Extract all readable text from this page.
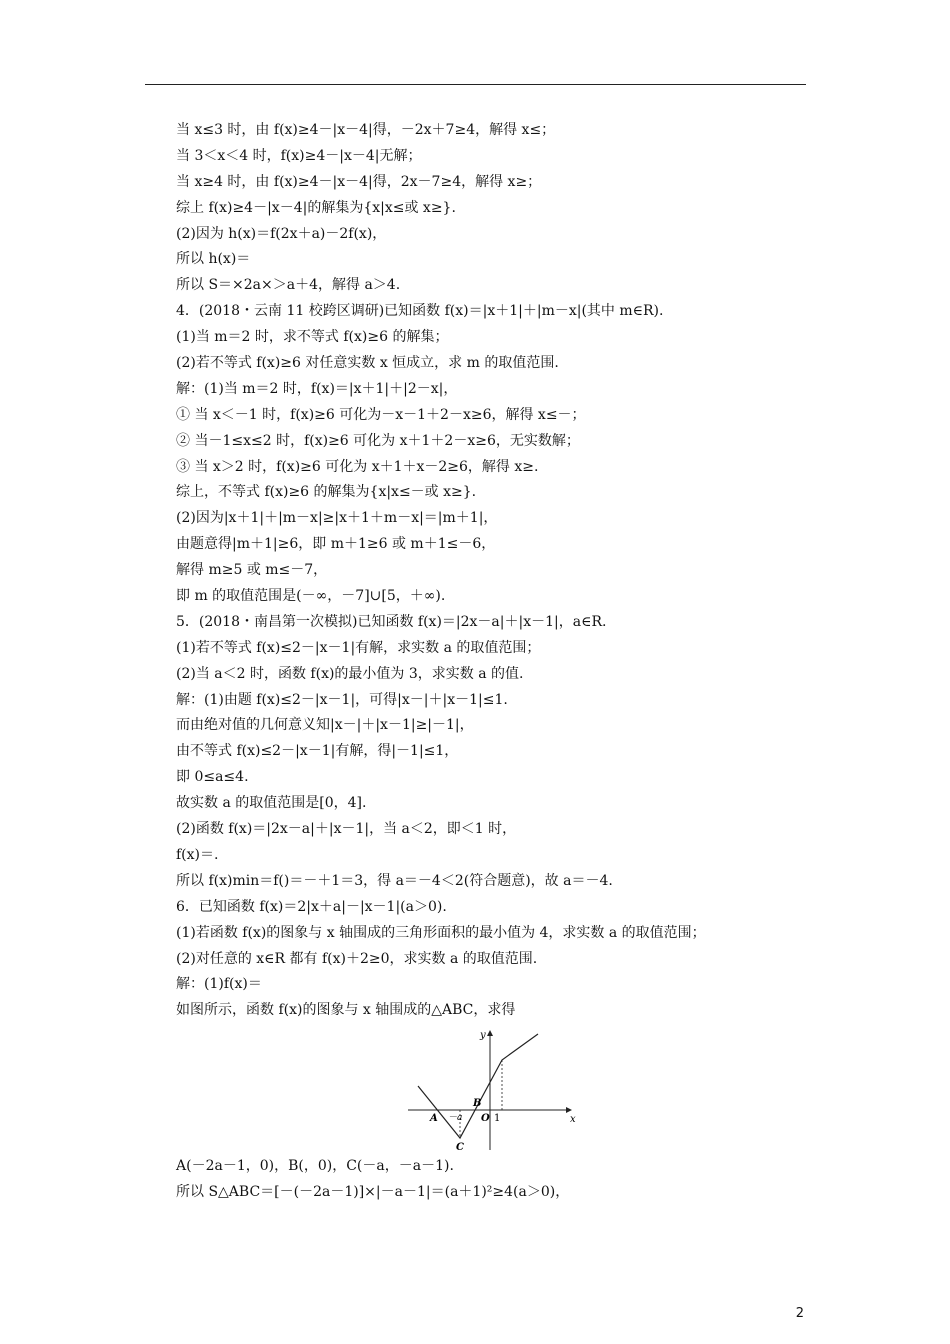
当 x≤3 时，由 f(x)≥4－|x－4|得，－2x＋7≥4，解得 x≤；
当 3＜x＜4 时，f(x)≥4－|x－4|无解；
当 x≥4 时，由 f(x)≥4－|x－4|得，2x－7≥4，解得 x≥；
综上 f(x)≥4－|x－4|的解集为{x|x≤或 x≥}.
(2)因为 h(x)＝f(2x＋a)－2f(x)，
所以 h(x)＝
所以 S＝×2a×＞a＋4，解得 a＞4.
4．(2018・云南 11 校跨区调研)已知函数 f(x)＝|x＋1|＋|m－x|(其中 m∈R).
(1)当 m＝2 时，求不等式 f(x)≥6 的解集；
(2)若不等式 f(x)≥6 对任意实数 x 恒成立，求 m 的取值范围.
解：(1)当 m＝2 时，f(x)＝|x＋1|＋|2－x|，
① 当 x＜－1 时，f(x)≥6 可化为－x－1＋2－x≥6，解得 x≤－；
② 当－1≤x≤2 时，f(x)≥6 可化为 x＋1＋2－x≥6，无实数解；
③ 当 x＞2 时，f(x)≥6 可化为 x＋1＋x－2≥6，解得 x≥.
综上，不等式 f(x)≥6 的解集为{x|x≤－或 x≥}.
(2)因为|x＋1|＋|m－x|≥|x＋1＋m－x|＝|m＋1|，
由题意得|m＋1|≥6，即 m＋1≥6 或 m＋1≤－6，
解得 m≥5 或 m≤－7，
即 m 的取值范围是(－∞，－7]∪[5，＋∞).
5．(2018・南昌第一次模拟)已知函数 f(x)＝|2x－a|＋|x－1|，a∈R.
(1)若不等式 f(x)≤2－|x－1|有解，求实数 a 的取值范围；
(2)当 a＜2 时，函数 f(x)的最小值为 3，求实数 a 的值.
解：(1)由题 f(x)≤2－|x－1|，可得|x－|＋|x－1|≤1.
而由绝对值的几何意义知|x－|＋|x－1|≥|－1|，
由不等式 f(x)≤2－|x－1|有解，得|－1|≤1，
即 0≤a≤4.
故实数 a 的取值范围是[0，4].
(2)函数 f(x)＝|2x－a|＋|x－1|，当 a＜2，即＜1 时，
f(x)＝.
所以 f(x)min＝f()＝－＋1＝3，得 a＝－4＜2(符合题意)，故 a＝－4.
6．已知函数 f(x)＝2|x＋a|－|x－1|(a＞0).
(1)若函数 f(x)的图象与 x 轴围成的三角形面积的最小值为 4，求实数 a 的取值范围；
(2)对任意的 x∈R 都有 f(x)＋2≥0，求实数 a 的取值范围.
解：(1)f(x)＝
如图所示，函数 f(x)的图象与 x 轴围成的△ABC，求得
x
y
A －a
B
O 1
C
A(－2a－1，0)，B(，0)，C(－a，－a－1).
所以 S△ABC＝[－(－2a－1)]×|－a－1|＝(a＋1)²≥4(a＞0)，
2
